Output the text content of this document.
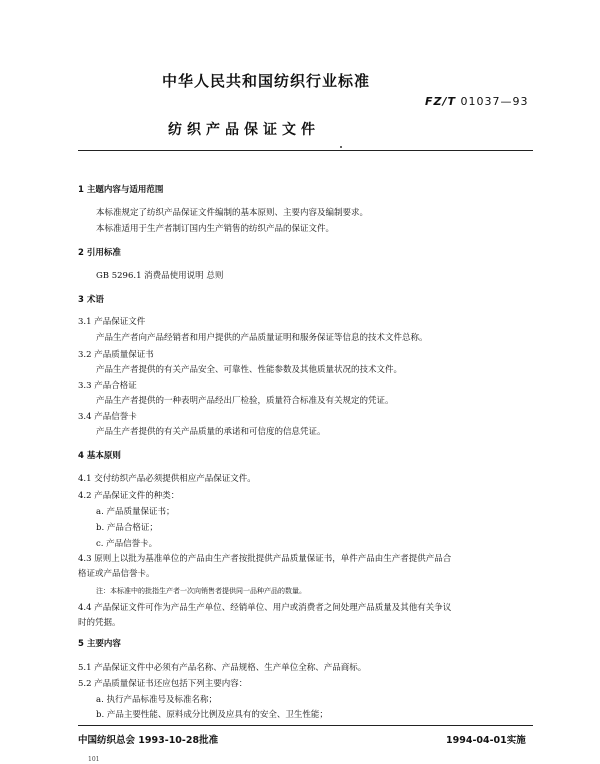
中华人民共和国纺织行业标准
FZ/T 01037—93
纺织产品保证文件
1 主题内容与适用范围
本标准规定了纺织产品保证文件编制的基本原则、主要内容及编制要求。
本标准适用于生产者制订国内生产销售的纺织产品的保证文件。
2 引用标准
GB 5296.1 消费品使用说明 总则
3 术语
3.1 产品保证文件
产品生产者向产品经销者和用户提供的产品质量证明和服务保证等信息的技术文件总称。
3.2 产品质量保证书
产品生产者提供的有关产品安全、可靠性、性能参数及其他质量状况的技术文件。
3.3 产品合格证
产品生产者提供的一种表明产品经出厂检验，质量符合标准及有关规定的凭证。
3.4 产品信誉卡
产品生产者提供的有关产品质量的承诺和可信度的信息凭证。
4 基本原则
4.1 交付纺织产品必须提供相应产品保证文件。
4.2 产品保证文件的种类：
a. 产品质量保证书；
b. 产品合格证；
c. 产品信誉卡。
4.3 原则上以批为基准单位的产品由生产者按批提供产品质量保证书，单件产品由生产者提供产品合
格证或产品信誉卡。
注：本标准中的批指生产者一次向销售者提供同一品种产品的数量。
4.4 产品保证文件可作为产品生产单位、经销单位、用户或消费者之间处理产品质量及其他有关争议
时的凭据。
5 主要内容
5.1 产品保证文件中必须有产品名称、产品规格、生产单位全称、产品商标。
5.2 产品质量保证书还应包括下列主要内容：
a. 执行产品标准号及标准名称；
b. 产品主要性能、原料成分比例及应具有的安全、卫生性能；
中国纺织总会 1993-10-28批准	1994-04-01实施
101
